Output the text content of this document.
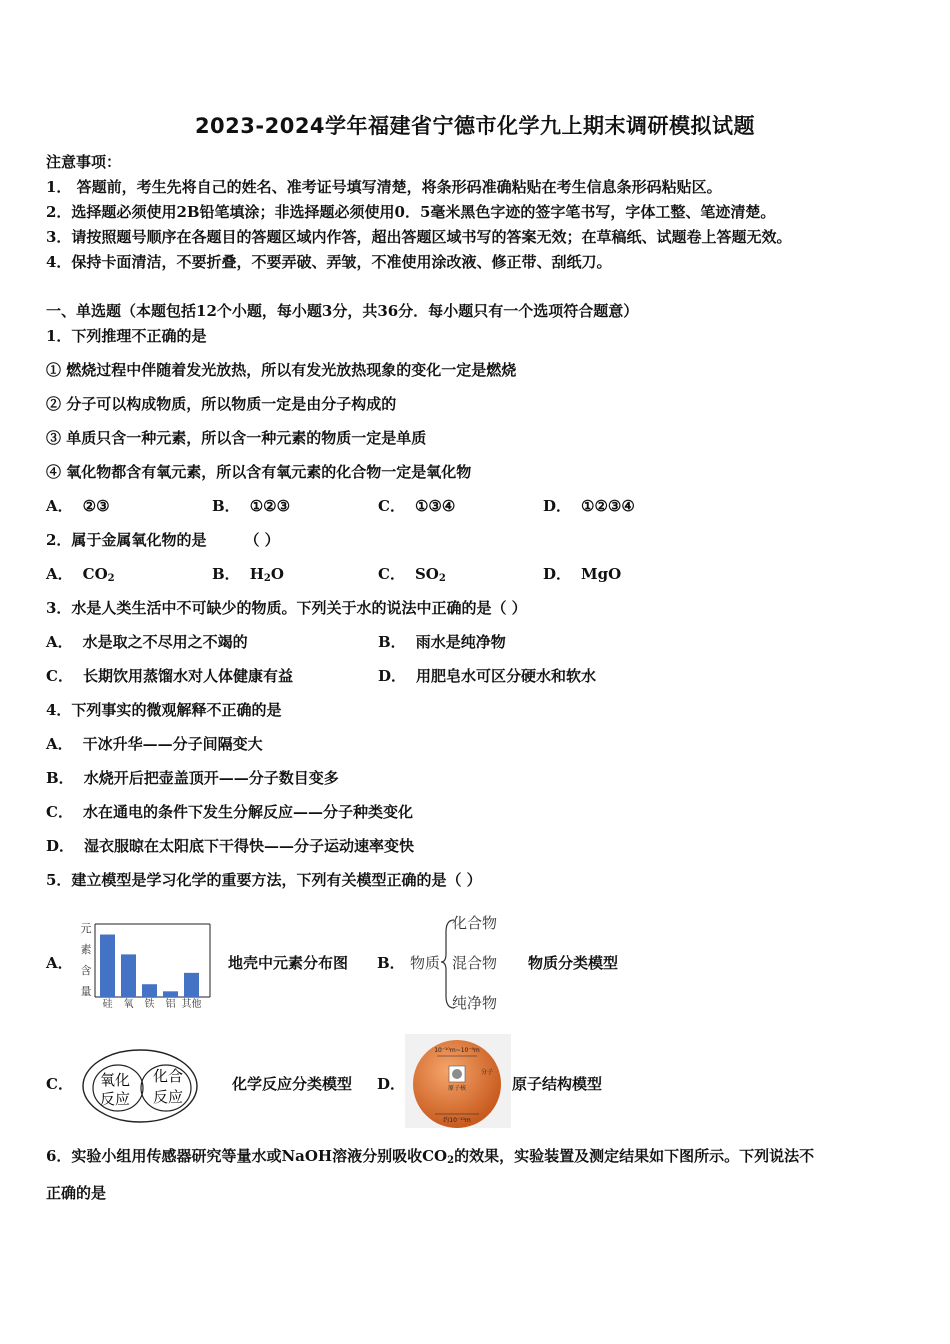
2023-2024学年福建省宁德市化学九上期末调研模拟试题
注意事项：
1． 答题前，考生先将自己的姓名、准考证号填写清楚，将条形码准确粘贴在考生信息条形码粘贴区。
2．选择题必须使用2B铅笔填涂；非选择题必须使用0．5毫米黑色字迹的签字笔书写，字体工整、笔迹清楚。
3．请按照题号顺序在各题目的答题区域内作答，超出答题区域书写的答案无效；在草稿纸、试题卷上答题无效。
4．保持卡面清洁，不要折叠，不要弄破、弄皱，不准使用涂改液、修正带、刮纸刀。
一、单选题（本题包括12个小题，每小题3分，共36分．每小题只有一个选项符合题意）
1．下列推理不正确的是
① 燃烧过程中伴随着发光放热，所以有发光放热现象的变化一定是燃烧
② 分子可以构成物质，所以物质一定是由分子构成的
③ 单质只含一种元素，所以含一种元素的物质一定是单质
④ 氧化物都含有氧元素，所以含有氧元素的化合物一定是氧化物
A． ②③	B． ①②③	C． ①③④	D． ①②③④
2．属于金属氧化物的是	（ ）
A． $CO_2$	B． $H_2O$	C． $SO_2$	D． MgO
3．水是人类生活中不可缺少的物质。下列关于水的说法中正确的是（ ）
A． 水是取之不尽用之不竭的	B． 雨水是纯净物
C． 长期饮用蒸馏水对人体健康有益	D． 用肥皂水可区分硬水和软水
4．下列事实的微观解释不正确的是
A． 干冰升华——分子间隔变大
B． 水烧开后把壶盖顶开——分子数目变多
C． 水在通电的条件下发生分解反应——分子种类变化
D． 湿衣服晾在太阳底下干得快——分子运动速率变快
5．建立模型是学习化学的重要方法，下列有关模型正确的是（ ）
A．
元
素
含
量
硅 氧 铁 铝 其他
地壳中元素分布图 B． 物质
化合物
混合物
纯净物
物质分类模型
C． 氧化
反应
化合
反应
化学反应分类模型 D．
10⁻¹⁰m~10⁻⁹m
原子核
分子
约10⁻¹⁰m
原子结构模型
6．实验小组用传感器研究等量水或NaOH溶液分别吸收$CO_2$的效果，实验装置及测定结果如下图所示。下列说法不
正确的是
